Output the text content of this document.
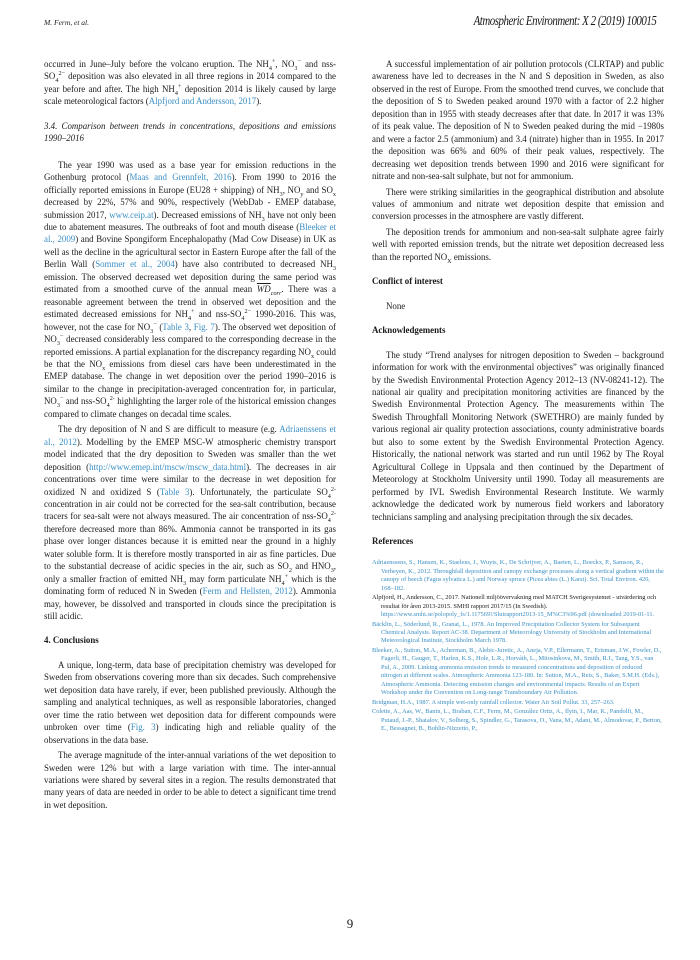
M. Ferm, et al.	Atmospheric Environment: X 2 (2019) 100015

occurred in June–July before the volcano eruption. The $NH_4^+$, $NO_3^-$ and nss-$SO_4^{2-}$ deposition was also elevated in all three regions in 2014 compared to the year before and after. The high $NH_4^+$ deposition 2014 is likely caused by large scale meteorological factors (Alpfjord and Andersson, 2017).

3.4. Comparison between trends in concentrations, depositions and emissions 1990–2016

The year 1990 was used as a base year for emission reductions in the Gothenburg protocol (Maas and Grennfelt, 2016). From 1990 to 2016 the officially reported emissions in Europe (EU28 + shipping) of $NH_3$, $NO_y$ and $SO_x$ decreased by 22%, 57% and 90%, respectively (WebDab - EMEP database, submission 2017, www.ceip.at). Decreased emissions of $NH_3$ have not only been due to abatement measures. The outbreaks of foot and mouth disease (Bleeker et al., 2009) and Bovine Spongiform Encephalopathy (Mad Cow Disease) in UK as well as the decline in the agricultural sector in Eastern Europe after the fall of the Berlin Wall (Sommer et al., 2004) have also contributed to decreased $NH_3$ emission. The observed decreased wet deposition during the same period was estimated from a smoothed curve of the annual mean $\overline{WD}_{corr}$. There was a reasonable agreement between the trend in observed wet deposition and the estimated decreased emissions for $NH_4^+$ and nss-$SO_4^{2-}$ 1990-2016. This was, however, not the case for $NO_3^-$ (Table 3, Fig. 7). The observed wet deposition of $NO_3^-$ decreased considerably less compared to the corresponding decrease in the reported emissions. A partial explanation for the discrepancy regarding $NO_x$ could be that the $NO_x$ emissions from diesel cars have been underestimated in the EMEP database. The change in wet deposition over the period 1990–2016 is similar to the change in precipitation-averaged concentration for, in particular, $NO_3^-$ and nss-$SO_4^{2-}$ highlighting the larger role of the historical emission changes compared to climate changes on decadal time scales.

The dry deposition of N and S are difficult to measure (e.g. Adriaenssens et al., 2012). Modelling by the EMEP MSC-W atmospheric chemistry transport model indicated that the dry deposition to Sweden was smaller than the wet deposition (http://www.emep.int/mscw/mscw_data.html). The decreases in air concentrations over time were similar to the decrease in wet deposition for oxidized N and oxidized S (Table 3). Unfortunately, the particulate $SO_4^{2-}$ concentration in air could not be corrected for the sea-salt contribution, because tracers for sea-salt were not always measured. The air concentration of nss-$SO_4^{2-}$ therefore decreased more than 86%. Ammonia cannot be transported in its gas phase over longer distances because it is emitted near the ground in a highly water soluble form. It is therefore mostly transported in air as fine particles. Due to the substantial decrease of acidic species in the air, such as $SO_2$ and $HNO_3$, only a smaller fraction of emitted $NH_3$ may form particulate $NH_4^+$ which is the dominating form of reduced N in Sweden (Ferm and Hellsten, 2012). Ammonia may, however, be dissolved and transported in clouds since the precipitation is still acidic.

4. Conclusions

A unique, long-term, data base of precipitation chemistry was developed for Sweden from observations covering more than six decades. Such comprehensive wet deposition data have rarely, if ever, been published previously. Although the sampling and analytical techniques, as well as responsible laboratories, changed over time the ratio between wet deposition data for different compounds were unbroken over time (Fig. 3) indicating high and reliable quality of the observations in the data base.

The average magnitude of the inter-annual variations of the wet deposition to Sweden were 12% but with a large variation with time. The inter-annual variations were shared by several sites in a region. The results demonstrated that many years of data are needed in order to be able to detect a significant time trend in wet deposition.

A successful implementation of air pollution protocols (CLRTAP) and public awareness have led to decreases in the N and S deposition in Sweden, as also observed in the rest of Europe. From the smoothed trend curves, we conclude that the deposition of S to Sweden peaked around 1970 with a factor of 2.2 higher deposition than in 1955 with steady decreases after that date. In 2017 it was 13% of its peak value. The deposition of N to Sweden peaked during the mid −1980s and were a factor 2.5 (ammonium) and 3.4 (nitrate) higher than in 1955. In 2017 the deposition was 66% and 60% of their peak values, respectively. The decreasing wet deposition trends between 1990 and 2016 were significant for nitrate and non-sea-salt sulphate, but not for ammonium.

There were striking similarities in the geographical distribution and absolute values of ammonium and nitrate wet deposition despite that emission and conversion processes in the atmosphere are vastly different.

The deposition trends for ammonium and non-sea-salt sulphate agree fairly well with reported emission trends, but the nitrate wet deposition decreased less than the reported $NO_X$ emissions.

Conflict of interest
None
Acknowledgements

The study “Trend analyses for nitrogen deposition to Sweden – background information for work with the environmental objectives” was originally financed by the Swedish Environmental Protection Agency 2012–13 (NV-08241-12). The national air quality and precipitation monitoring activities are financed by the Swedish Environmental Protection Agency. The measurements within The Swedish Throughfall Monitoring Network (SWETHRO) are mainly funded by various regional air quality protection associations, county administrative boards but also to some extent by the Swedish Environmental Protection Agency. Historically, the national network was started and run until 1962 by The Royal Agricultural College in Uppsala and then continued by the Department of Meteorology at Stockholm University until 1990. Today all measurements are performed by IVL Swedish Environmental Research Institute. We warmly acknowledge the dedicated work by numerous field workers and laboratory technicians sampling and analysing precipitation through the six decades.

References
Adriaenssens, S., Hansen, K., Staelens, J., Wuyts, K., De Schrijver, A., Baeten, L., Boeckx, P., Samson, R., Verheyen, K., 2012. Throughfall deposition and canopy exchange processes along a vertical gradient within the canopy of beech (Fagus sylvatica L.) and Norway spruce (Picea abies (L.) Karst). Sci. Total Environ. 420, 168–182.
Alpfjord, H., Andersson, C., 2017. Nationell miljöövervakning med MATCH Sverigesystemet - utvärdering och resultat för åren 2013-2015. SMHI rapport 2017/15 (In Swedish). https://www.smhi.se/polopoly_fs/1.117569!/Slutrapport2013-15_M%C3%96.pdf (downloaded 2019-01-11.
Bäcklin, L., Söderlund, R., Granat, L., 1978. An Improved Precipitation Collector System for Subsequent Chemical Analysis. Report AC-38. Department of Meteorology University of Stockholm and International Meteorological Institute, Stockholm March 1978.
Bleeker, A., Sutton, M.A., Acherman, B., Alebic-Juretic, A., Aneja, V.P., Ellermann, T., Erisman, J.W., Fowler, D., Fagerli, H., Gauger, T., Harlen, K.S., Hole, L.R., Horváth, L., Mitosinkova, M., Smith, R.I., Tang, Y.S., van Pul, A., 2009. Linking ammonia emission trends to measured concentrations and deposition of reduced nitrogen at different scales. Atmospheric Ammonia 123-180. In: Sutton, M.A., Reis, S., Baker, S.M.H. (Eds.), Atmospheric Ammonia. Detecting emission changes and environmental impacts. Results of an Expert Workshop under the Convention on Long-range Transboundary Air Pollution.
Bridgman, H.A., 1987. A simple wet-only rainfall collector. Water Air Soil Pollut. 33, 257–263.
Colette, A., Aas, W., Banin, L., Braban, C.F., Ferm, M., González Ortiz, A., Ilyin, I., Mar, K., Pandolfi, M., Putaud, J.-P., Shatalov, V., Solberg, S., Spindler, G., Tarasova, O., Vana, M., Adani, M., Almodovar, P., Berton, E., Bessagnet, B., Bohlin-Nizzetto, P.,
9
